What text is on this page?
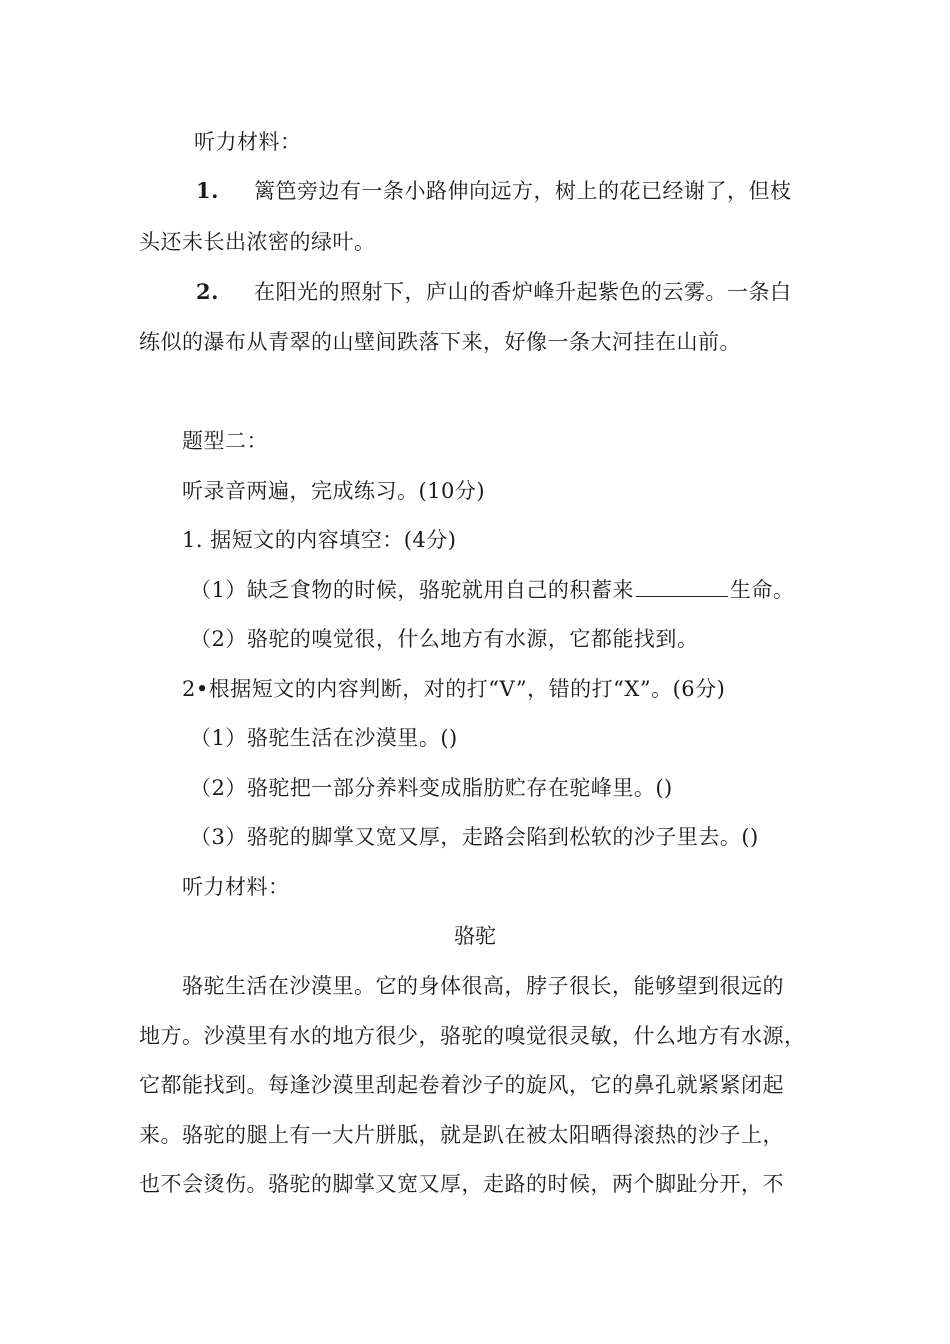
听力材料：
1. 篱笆旁边有一条小路伸向远方，树上的花已经谢了，但枝
头还未长出浓密的绿叶。
2. 在阳光的照射下，庐山的香炉峰升起紫色的云雾。一条白
练似的瀑布从青翠的山壁间跌落下来，好像一条大河挂在山前。
题型二：
听录音两遍，完成练习。(10分)
1. 据短文的内容填空：(4分)
（1）缺乏食物的时候，骆驼就用自己的积蓄来	生命。
（2）骆驼的嗅觉很，什么地方有水源，它都能找到。
2•根据短文的内容判断，对的打“V”，错的打“X”。(6分)
（1）骆驼生活在沙漠里。()
（2）骆驼把一部分养料变成脂肪贮存在驼峰里。()
（3）骆驼的脚掌又宽又厚，走路会陷到松软的沙子里去。()
听力材料：
骆驼
骆驼生活在沙漠里。它的身体很高，脖子很长，能够望到很远的
地方。沙漠里有水的地方很少，骆驼的嗅觉很灵敏，什么地方有水源，
它都能找到。每逢沙漠里刮起卷着沙子的旋风，它的鼻孔就紧紧闭起
来。骆驼的腿上有一大片胼胝，就是趴在被太阳晒得滚热的沙子上，
也不会烫伤。骆驼的脚掌又宽又厚，走路的时候，两个脚趾分开，不
